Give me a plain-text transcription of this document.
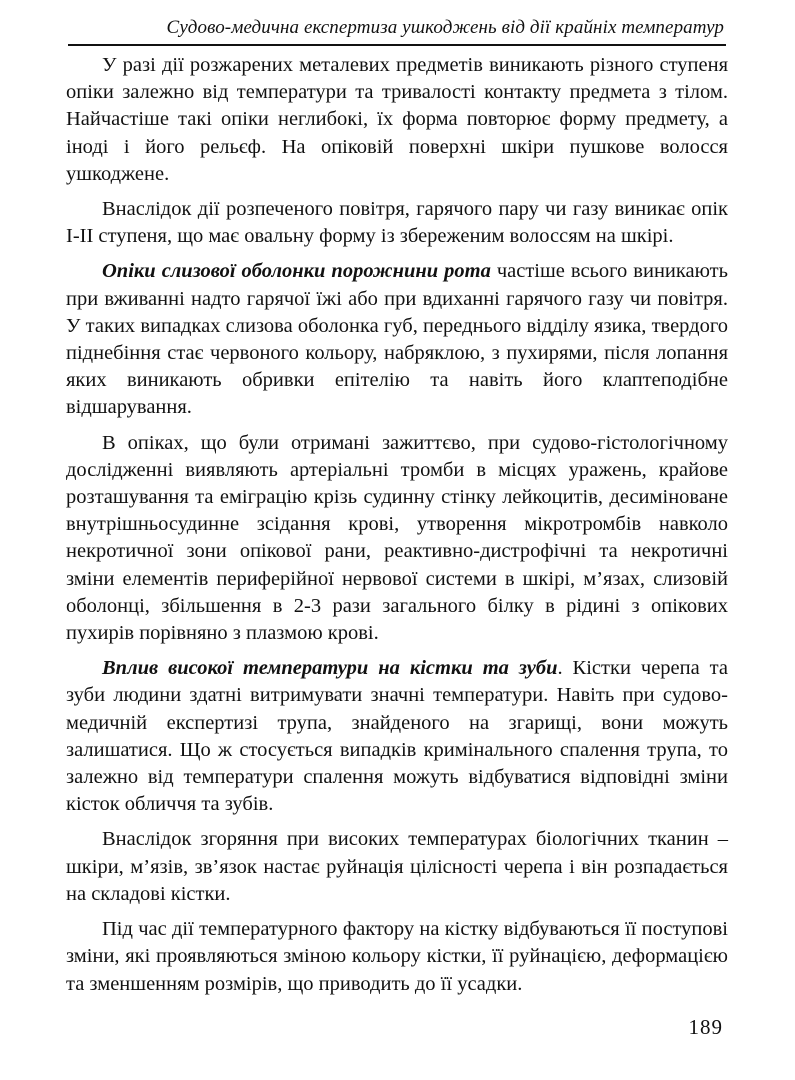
Судово-медична експертиза ушкоджень від дії крайніх температур

У разі дії розжарених металевих предметів виникають різного ступеня опіки залежно від температури та тривалості контакту предмета з тілом. Найчастіше такі опіки неглибокі, їх форма повторює форму предмету, а іноді і його рельєф. На опіковій поверхні шкіри пушкове волосся ушкоджене.

Внаслідок дії розпеченого повітря, гарячого пару чи газу виникає опік І-ІІ ступеня, що має овальну форму із збереженим волоссям на шкірі.

Опіки слизової оболонки порожнини рота частіше всього виникають при вживанні надто гарячої їжі або при вдиханні гарячого газу чи повітря. У таких випадках слизова оболонка губ, переднього відділу язика, твердого піднебіння стає червоного кольору, набряклою, з пухирями, після лопання яких виникають обривки епітелію та навіть його клаптеподібне відшарування.

В опіках, що були отримані зажиттєво, при судово-гістологічному дослідженні виявляють артеріальні тромби в місцях уражень, крайове розташування та еміграцію крізь судинну стінку лейкоцитів, десиміноване внутрішньосудинне зсідання крові, утворення мікротромбів навколо некротичної зони опікової рани, реактивно-дистрофічні та некротичні зміни елементів периферійної нервової системи в шкірі, м’язах, слизовій оболонці, збільшення в 2-3 рази загального білку в рідині з опікових пухирів порівняно з плазмою крові.

Вплив високої температури на кістки та зуби. Кістки черепа та зуби людини здатні витримувати значні температури. Навіть при судово-медичній експертизі трупа, знайденого на згарищі, вони можуть залишатися. Що ж стосується випадків кримінального спалення трупа, то залежно від температури спалення можуть відбуватися відповідні зміни кісток обличчя та зубів.

Внаслідок згоряння при високих температурах біологічних тканин – шкіри, м’язів, зв’язок настає руйнація цілісності черепа і він розпадається на складові кістки.

Під час дії температурного фактору на кістку відбуваються її поступові зміни, які проявляються зміною кольору кістки, її руйнацією, деформацією та зменшенням розмірів, що приводить до її усадки.

189
